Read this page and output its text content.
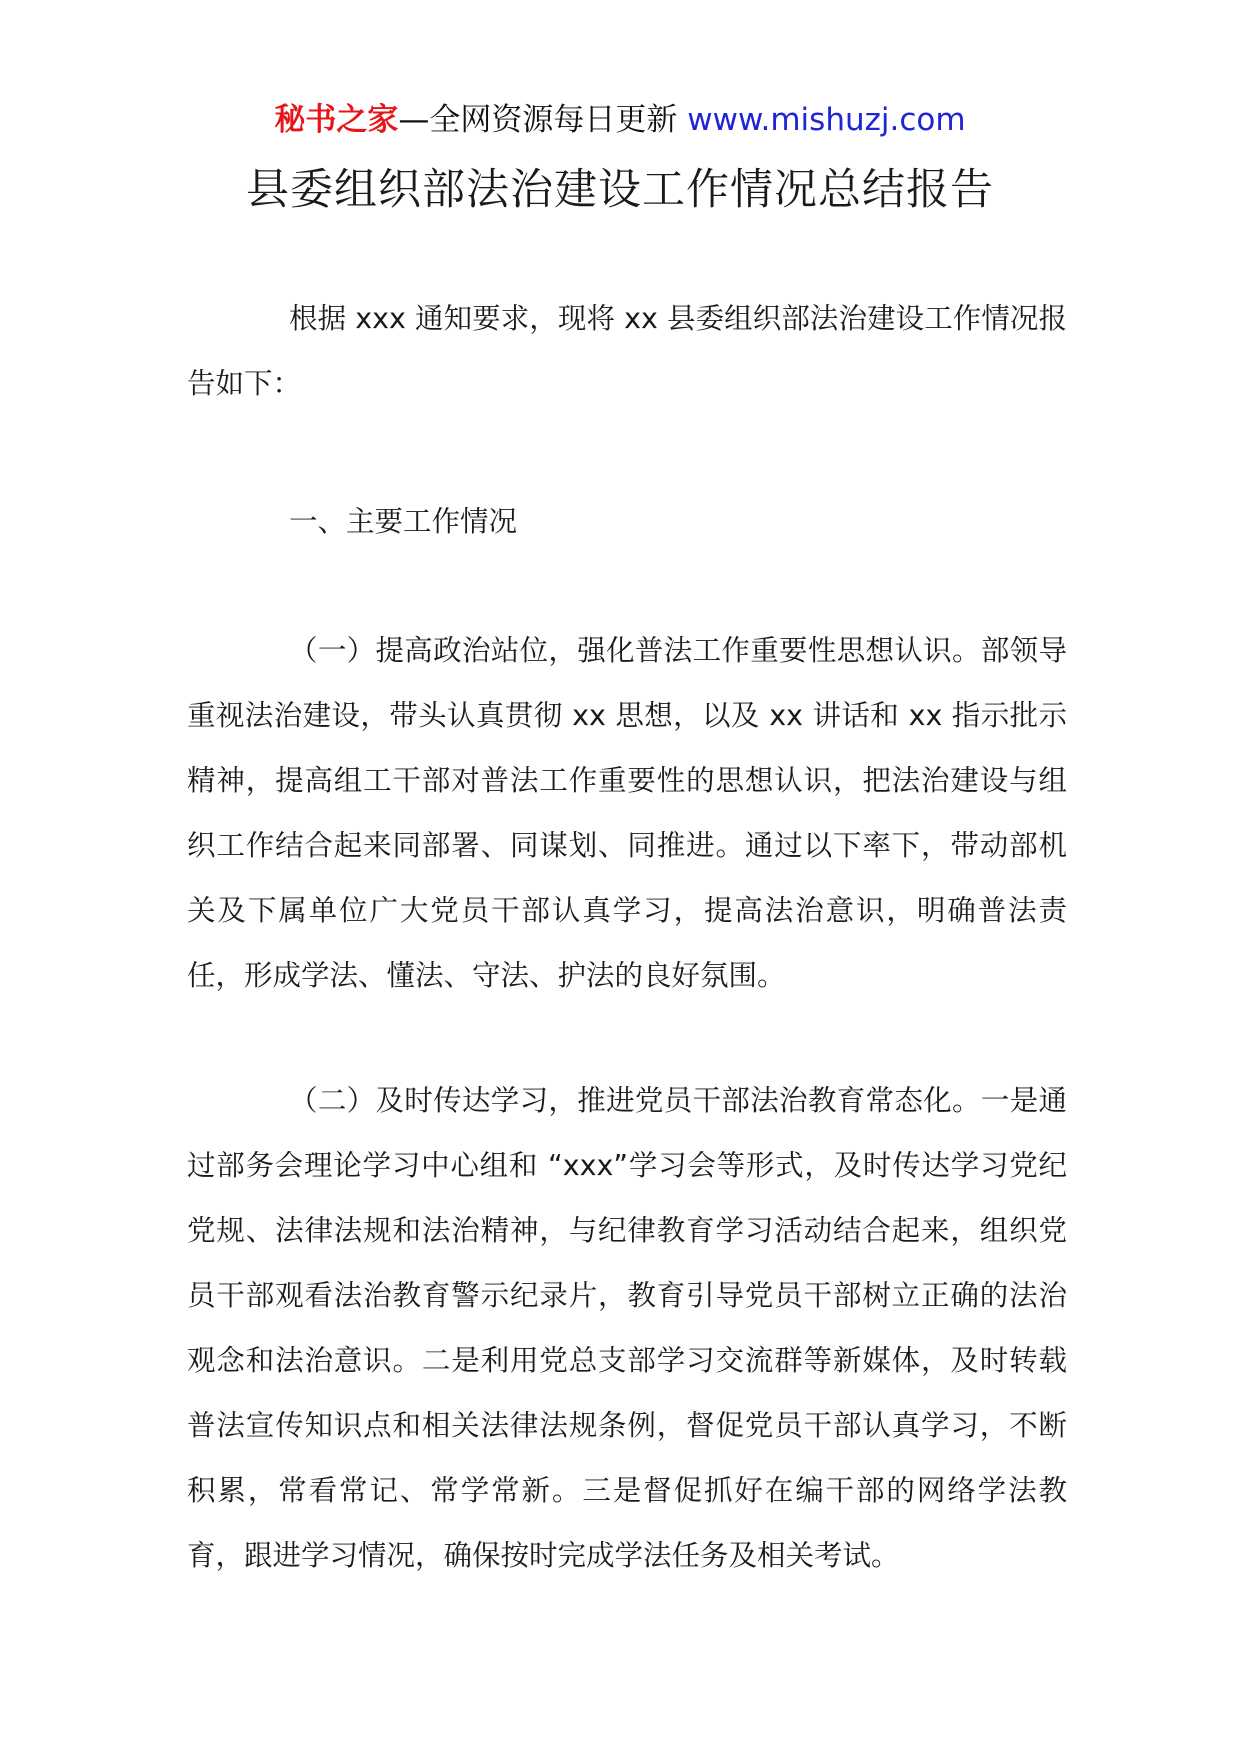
秘书之家—全网资源每日更新 www.mishuzj.com
县委组织部法治建设工作情况总结报告

根据 xxx 通知要求，现将 xx 县委组织部法治建设工作情况报告如下：

一、主要工作情况

（一）提高政治站位，强化普法工作重要性思想认识。部领导重视法治建设，带头认真贯彻 xx 思想，以及 xx 讲话和 xx 指示批示精神，提高组工干部对普法工作重要性的思想认识，把法治建设与组织工作结合起来同部署、同谋划、同推进。通过以下率下，带动部机关及下属单位广大党员干部认真学习，提高法治意识，明确普法责任，形成学法、懂法、守法、护法的良好氛围。

（二）及时传达学习，推进党员干部法治教育常态化。一是通过部务会理论学习中心组和 “xxx”学习会等形式，及时传达学习党纪党规、法律法规和法治精神，与纪律教育学习活动结合起来，组织党员干部观看法治教育警示纪录片，教育引导党员干部树立正确的法治观念和法治意识。二是利用党总支部学习交流群等新媒体，及时转载普法宣传知识点和相关法律法规条例，督促党员干部认真学习，不断积累，常看常记、常学常新。三是督促抓好在编干部的网络学法教育，跟进学习情况，确保按时完成学法任务及相关考试。
